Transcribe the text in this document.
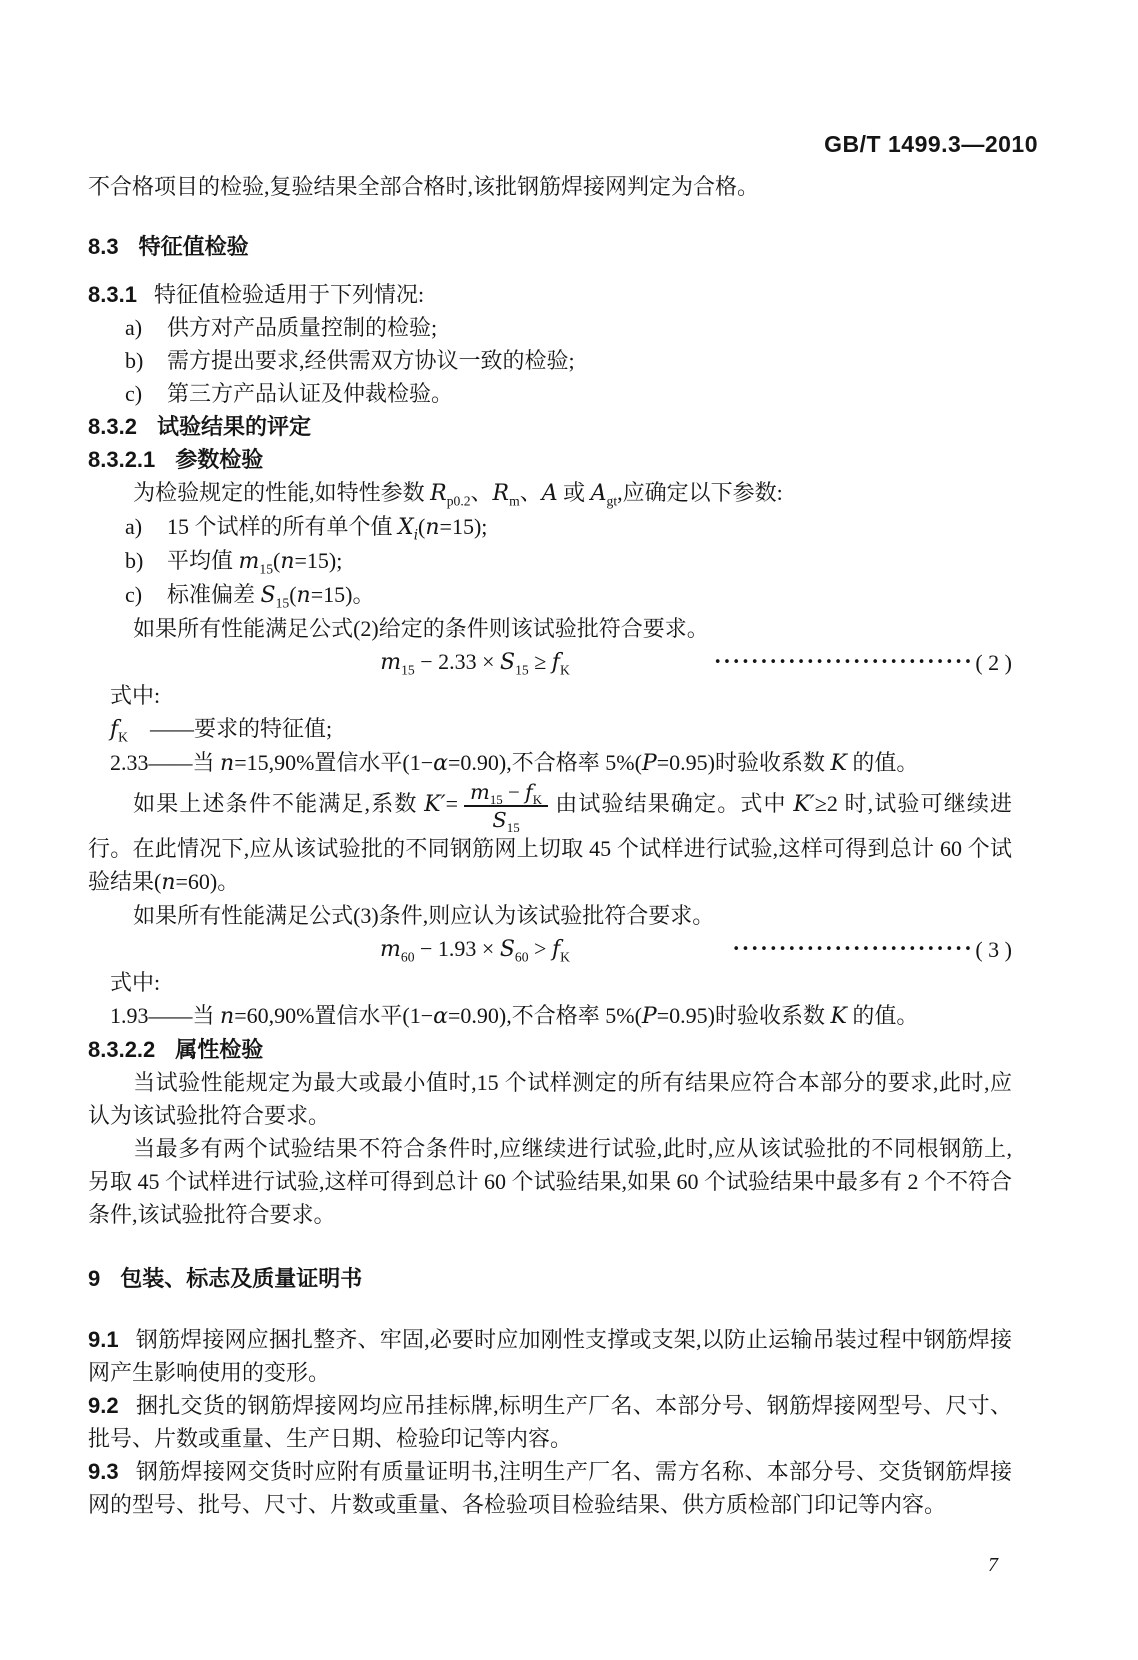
GB/T 1499.3—2010

不合格项目的检验,复验结果全部合格时,该批钢筋焊接网判定为合格。

8.3 特征值检验

8.3.1 特征值检验适用于下列情况:

a)	供方对产品质量控制的检验;
b)	需方提出要求,经供需双方协议一致的检验;
c)	第三方产品认证及仲裁检验。

8.3.2 试验结果的评定

8.3.2.1 参数检验

为检验规定的性能,如特性参数 $R_{p0.2}$、$R_m$、A 或 $A_{gt}$,应确定以下参数:

a)	15 个试样的所有单个值 $X_i(n=15)$;
b)	平均值 $m_{15}(n=15)$;
c)	标准偏差 $S_{15}(n=15)$。

如果所有性能满足公式(2)给定的条件则该试验批符合要求。

$m_{15} - 2.33 \times S_{15} \ge f_K$
•••••••••••••••••••••••••••• ( 2 )

式中:

$f_K$　——要求的特征值;

2.33——当 n=15,90%置信水平(1−α=0.90),不合格率 5%(P=0.95)时验收系数 K 的值。

如果上述条件不能满足,系数 $K'= \frac{m_{15} - f_K}{S_{15}}$ 由试验结果确定。式中 K′≥2 时,试验可继续进行。在此情况下,应从该试验批的不同钢筋网上切取 45 个试样进行试验,这样可得到总计 60 个试验结果(n=60)。

如果所有性能满足公式(3)条件,则应认为该试验批符合要求。

$m_{60} - 1.93 \times S_{60} > f_K$
•••••••••••••••••••••••••• ( 3 )

式中:

1.93——当 n=60,90%置信水平(1−α=0.90),不合格率 5%(P=0.95)时验收系数 K 的值。

8.3.2.2 属性检验

当试验性能规定为最大或最小值时,15 个试样测定的所有结果应符合本部分的要求,此时,应认为该试验批符合要求。

当最多有两个试验结果不符合条件时,应继续进行试验,此时,应从该试验批的不同根钢筋上,另取 45 个试样进行试验,这样可得到总计 60 个试验结果,如果 60 个试验结果中最多有 2 个不符合条件,该试验批符合要求。

9 包装、标志及质量证明书

9.1 钢筋焊接网应捆扎整齐、牢固,必要时应加刚性支撑或支架,以防止运输吊装过程中钢筋焊接网产生影响使用的变形。

9.2 捆扎交货的钢筋焊接网均应吊挂标牌,标明生产厂名、本部分号、钢筋焊接网型号、尺寸、批号、片数或重量、生产日期、检验印记等内容。

9.3 钢筋焊接网交货时应附有质量证明书,注明生产厂名、需方名称、本部分号、交货钢筋焊接网的型号、批号、尺寸、片数或重量、各检验项目检验结果、供方质检部门印记等内容。

7
